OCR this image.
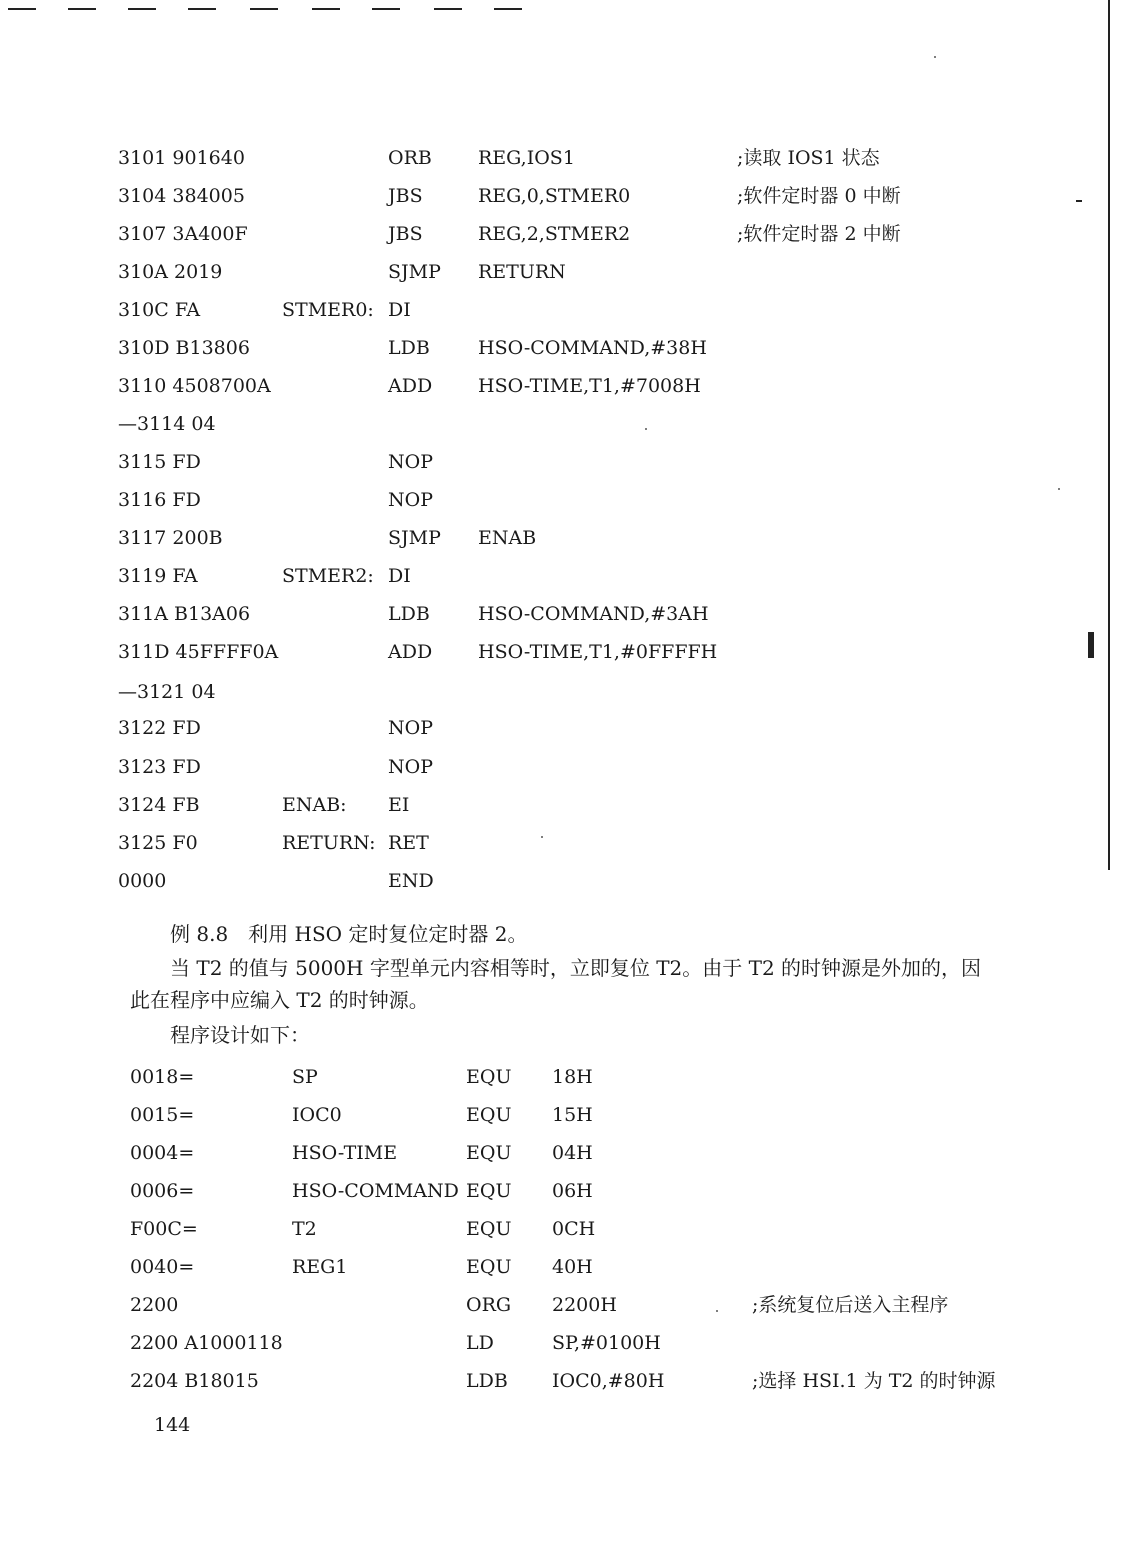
3101 901640	ORB REG,IOS1	;读取 IOS1 状态
3104 384005	JBS	REG,0,STMER0	;软件定时器 0 中断
3107 3A400F	JBS	REG,2,STMER2	;软件定时器 2 中断
310A 2019	SJMP RETURN
310C FA	STMER0: DI
310D B13806	LDB	HSO-COMMAND,#38H
3110 4508700A	ADD HSO-TIME,T1,#7008H
—3114 04
3115 FD	NOP
3116 FD	NOP
3117 200B	SJMP ENAB
3119 FA	STMER2: DI
311A B13A06	LDB	HSO-COMMAND,#3AH
311D 45FFFF0A	ADD HSO-TIME,T1,#0FFFFH
—3121 04
3122 FD	NOP
3123 FD	NOP
3124 FB	ENAB: EI
3125 F0	RETURN: RET
0000	END
例 8.8　利用 HSO 定时复位定时器 2。
当 T2 的值与 5000H 字型单元内容相等时，立即复位 T2。由于 T2 的时钟源是外加的，因
此在程序中应编入 T2 的时钟源。
程序设计如下：
0018=	SP	EQU 18H
0015=	IOC0	EQU 15H
0004=	HSO-TIME	EQU 04H
0006=	HSO-COMMAND EQU 06H
F00C=	T2	EQU 0CH
0040=	REG1	EQU 40H
2200	ORG 2200H	;系统复位后送入主程序
2200 A1000118	LD	SP,#0100H
2204 B18015	LDB IOC0,#80H	;选择 HSI.1 为 T2 的时钟源
144
